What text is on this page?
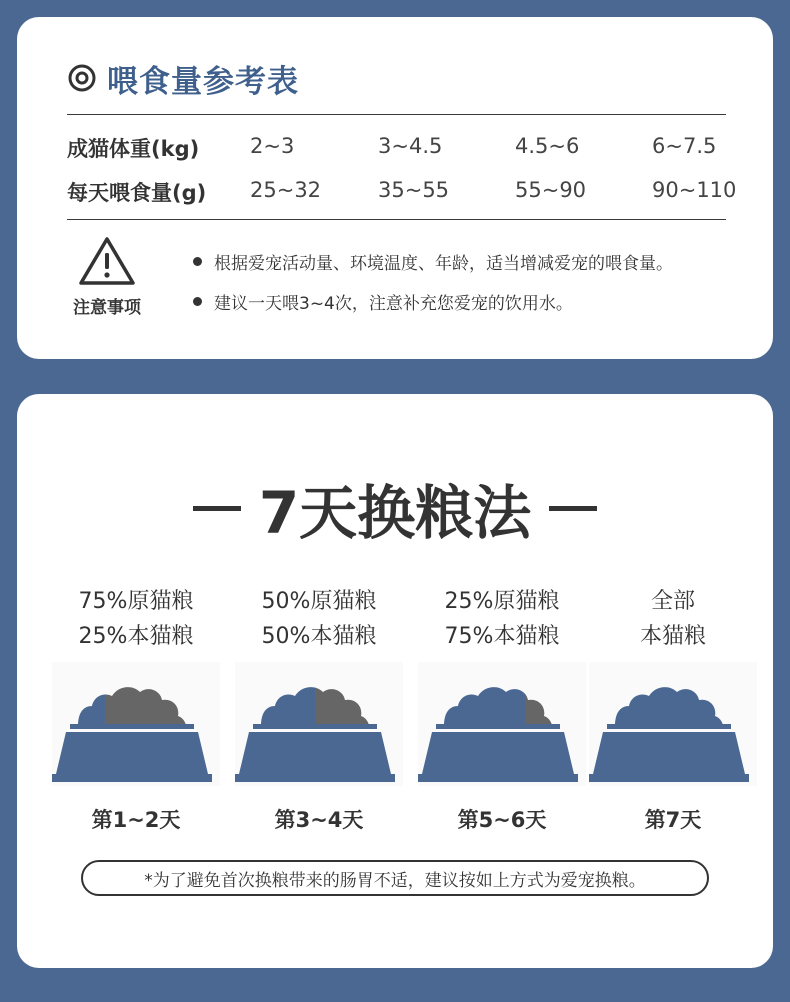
喂食量参考表
成猫体重(kg) 2~3	3~4.5	4.5~6	6~7.5
每天喂食量(g) 25~32	35~55	55~90	90~110
注意事项
根据爱宠活动量、环境温度、年龄，适当增减爱宠的喂食量。
建议一天喂3~4次，注意补充您爱宠的饮用水。
7天换粮法
75%原猫粮
25%本猫粮
第1~2天
50%原猫粮
50%本猫粮
第3~4天
25%原猫粮
75%本猫粮
第5~6天
全部
本猫粮
第7天
*为了避免首次换粮带来的肠胃不适，建议按如上方式为爱宠换粮。
